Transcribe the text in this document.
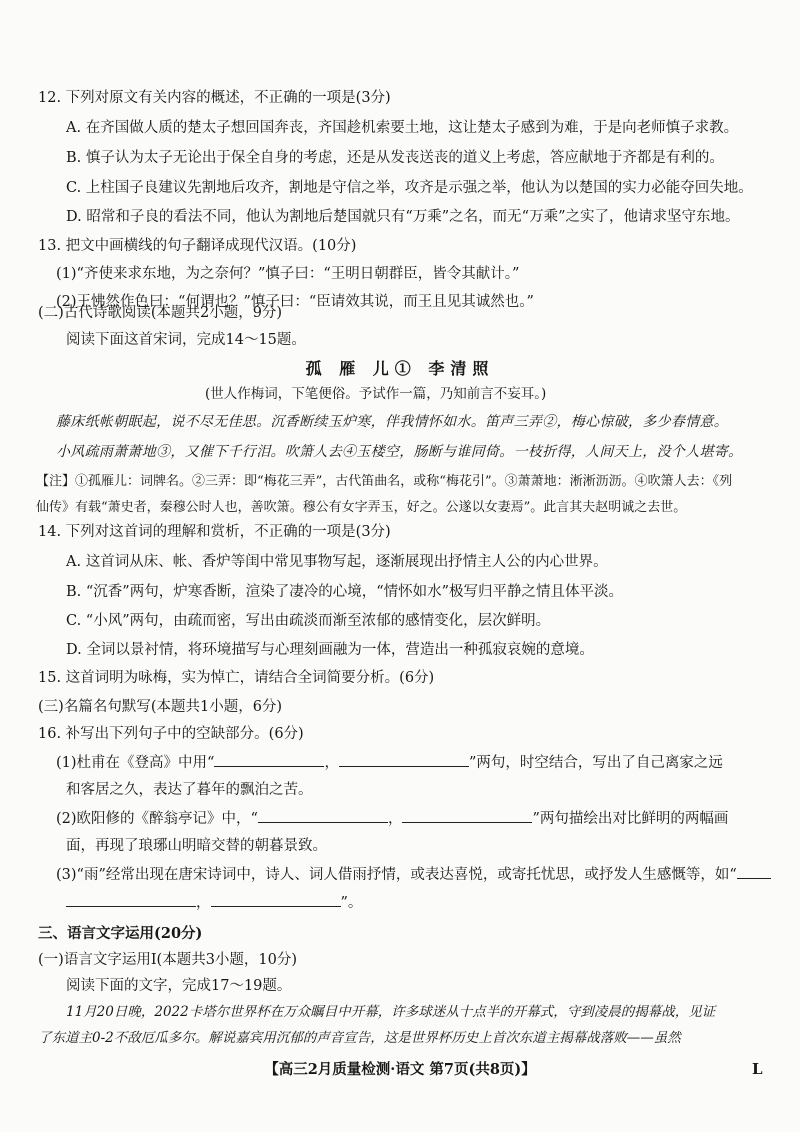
12. 下列对原文有关内容的概述，不正确的一项是(3分)
A. 在齐国做人质的楚太子想回国奔丧，齐国趁机索要土地，这让楚太子感到为难，于是向老师慎子求教。
B. 慎子认为太子无论出于保全自身的考虑，还是从发丧送丧的道义上考虑，答应献地于齐都是有利的。
C. 上柱国子良建议先割地后攻齐，割地是守信之举，攻齐是示强之举，他认为以楚国的实力必能夺回失地。
D. 昭常和子良的看法不同，他认为割地后楚国就只有“万乘”之名，而无“万乘”之实了，他请求坚守东地。
13. 把文中画横线的句子翻译成现代汉语。(10分)
(1)“齐使来求东地，为之奈何？”慎子曰：“王明日朝群臣，皆令其献计。”
(2)王怫然作色曰：“何谓也？”慎子曰：“臣请效其说，而王且见其诚然也。”
(二)古代诗歌阅读(本题共2小题，9分)
阅读下面这首宋词，完成14～15题。
孤 雁 儿① 李清照
(世人作梅词，下笔便俗。予试作一篇，乃知前言不妄耳。)
藤床纸帐朝眠起，说不尽无佳思。沉香断续玉炉寒，伴我情怀如水。笛声三弄②，梅心惊破，多少春情意。
小风疏雨萧萧地③，又催下千行泪。吹箫人去④玉楼空，肠断与谁同倚。一枝折得，人间天上，没个人堪寄。
【注】①孤雁儿：词牌名。②三弄：即“梅花三弄”，古代笛曲名，或称“梅花引”。③萧萧地：淅淅沥沥。④吹箫人去：《列
仙传》有载“萧史者，秦穆公时人也，善吹箫。穆公有女字弄玉，好之。公遂以女妻焉”。此言其夫赵明诚之去世。
14. 下列对这首词的理解和赏析，不正确的一项是(3分)
A. 这首词从床、帐、香炉等闺中常见事物写起，逐渐展现出抒情主人公的内心世界。
B. “沉香”两句，炉寒香断，渲染了凄冷的心境，“情怀如水”极写归平静之情且体平淡。
C. “小风”两句，由疏而密，写出由疏淡而渐至浓郁的感情变化，层次鲜明。
D. 全词以景衬情，将环境描写与心理刻画融为一体，营造出一种孤寂哀婉的意境。
15. 这首词明为咏梅，实为悼亡，请结合全词简要分析。(6分)
(三)名篇名句默写(本题共1小题，6分)
16. 补写出下列句子中的空缺部分。(6分)
(1)杜甫在《登高》中用“	，	”两句，时空结合，写出了自己离家之远
和客居之久，表达了暮年的飘泊之苦。
(2)欧阳修的《醉翁亭记》中，“	，	”两句描绘出对比鲜明的两幅画
面，再现了琅琊山明暗交替的朝暮景致。
(3)“雨”经常出现在唐宋诗词中，诗人、词人借雨抒情，或表达喜悦，或寄托忧思，或抒发人生感慨等，如“
，	”。
三、语言文字运用(20分)
(一)语言文字运用Ⅰ(本题共3小题，10分)
阅读下面的文字，完成17～19题。
11月20日晚，2022卡塔尔世界杯在万众瞩目中开幕，许多球迷从十点半的开幕式，守到凌晨的揭幕战，见证
了东道主0-2不敌厄瓜多尔。解说嘉宾用沉郁的声音宣告，这是世界杯历史上首次东道主揭幕战落败——虽然
【高三2月质量检测·语文 第7页(共8页)】	L
